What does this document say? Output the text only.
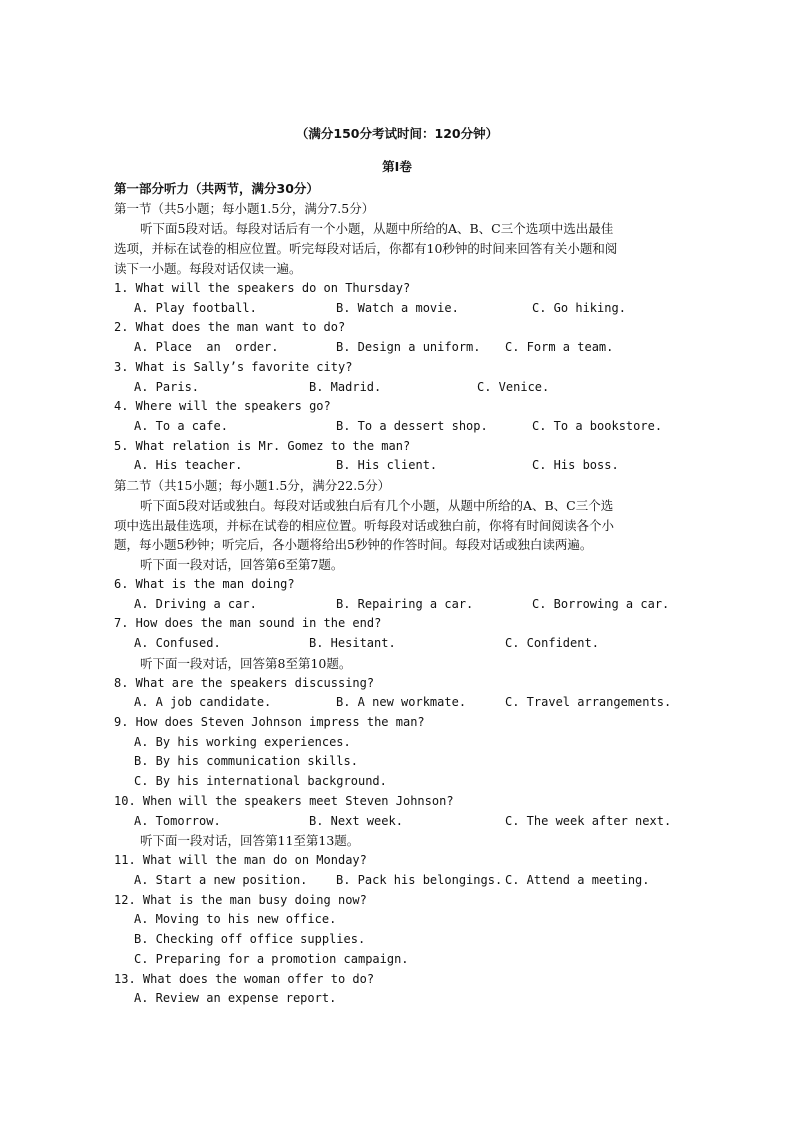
（满分150分考试时间：120分钟）
第Ⅰ卷
第一部分听力（共两节，满分30分）
第一节（共5小题；每小题1.5分，满分7.5分）
听下面5段对话。每段对话后有一个小题，从题中所给的A、B、C三个选项中选出最佳
选项，并标在试卷的相应位置。听完每段对话后，你都有10秒钟的时间来回答有关小题和阅
读下一小题。每段对话仅读一遍。
1. What will the speakers do on Thursday?
A. Play football.	B. Watch a movie.	C. Go hiking.
2. What does the man want to do?
A. Place  an  order.	B. Design a uniform. C. Form a team.
3. What is Sally’s favorite city?
A. Paris.	B. Madrid.	C. Venice.
4. Where will the speakers go?
A. To a cafe.	B. To a dessert shop.	C. To a bookstore.
5. What relation is Mr. Gomez to the man?
A. His teacher.	B. His client.	C. His boss.
第二节（共15小题；每小题1.5分，满分22.5分）
听下面5段对话或独白。每段对话或独白后有几个小题，从题中所给的A、B、C三个选
项中选出最佳选项，并标在试卷的相应位置。听每段对话或独白前，你将有时间阅读各个小
题，每小题5秒钟；听完后，各小题将给出5秒钟的作答时间。每段对话或独白读两遍。
听下面一段对话，回答第6至第7题。
6. What is the man doing?
A. Driving a car.	B. Repairing a car.	C. Borrowing a car.
7. How does the man sound in the end?
A. Confused.	B. Hesitant.	C. Confident.
听下面一段对话，回答第8至第10题。
8. What are the speakers discussing?
A. A job candidate.	B. A new workmate.	C. Travel arrangements.
9. How does Steven Johnson impress the man?
A. By his working experiences.
B. By his communication skills.
C. By his international background.
10. When will the speakers meet Steven Johnson?
A. Tomorrow.	B. Next week.	C. The week after next.
听下面一段对话，回答第11至第13题。
11. What will the man do on Monday?
A. Start a new position. B. Pack his belongings. C. Attend a meeting.
12. What is the man busy doing now?
A. Moving to his new office.
B. Checking off office supplies.
C. Preparing for a promotion campaign.
13. What does the woman offer to do?
A. Review an expense report.
